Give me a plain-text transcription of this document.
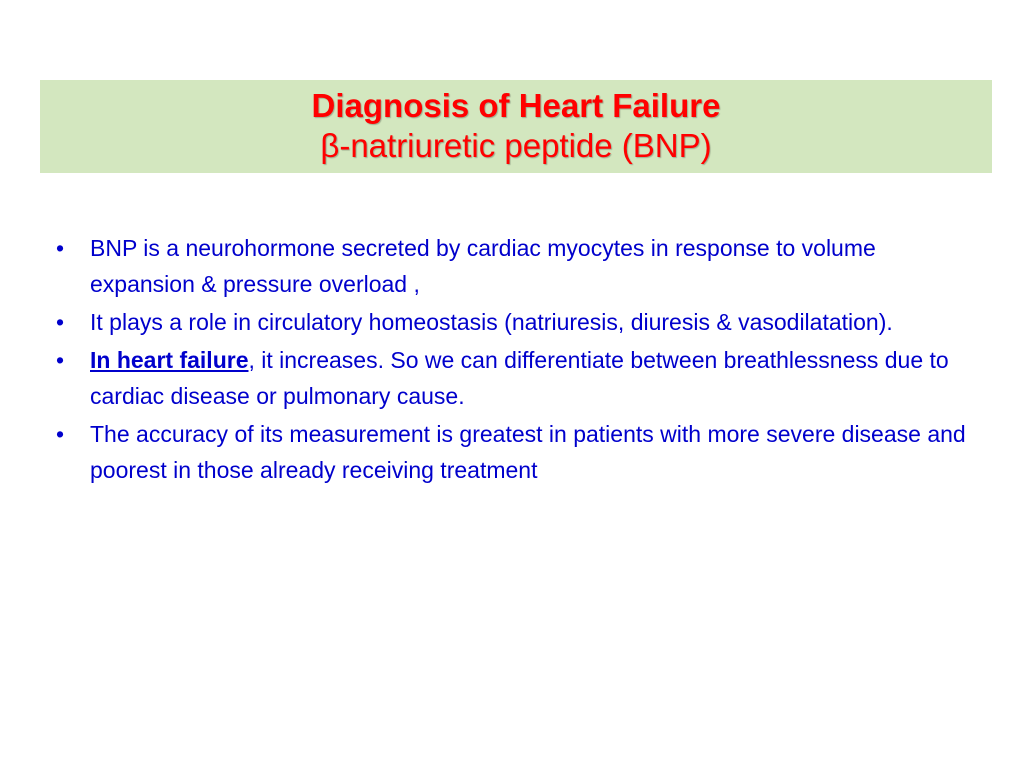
Diagnosis of Heart Failure
β-natriuretic peptide (BNP)
• BNP is a neurohormone secreted by cardiac myocytes in response to volume expansion & pressure overload ,
• It plays a role in circulatory homeostasis (natriuresis, diuresis & vasodilatation).
• In heart failure, it increases. So we can differentiate between breathlessness due to cardiac disease or pulmonary cause.
• The accuracy of its measurement is greatest in patients with more severe disease and poorest in those already receiving treatment
